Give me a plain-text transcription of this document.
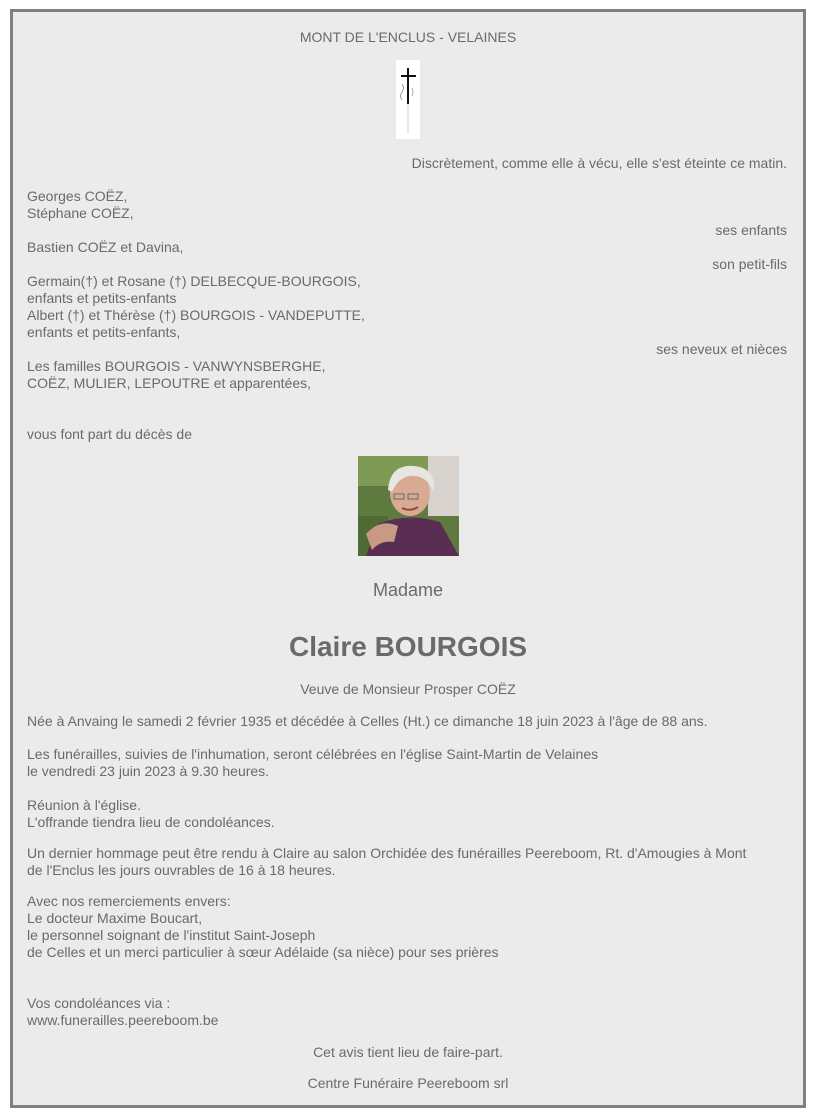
MONT DE L'ENCLUS - VELAINES
Discrètement, comme elle à vécu, elle s'est éteinte ce matin.
Georges COËZ,
Stéphane COËZ,
ses enfants
Bastien COËZ et Davina,
son petit-fils
Germain(†) et Rosane (†) DELBECQUE-BOURGOIS,
enfants et petits-enfants
Albert (†) et Thérèse (†) BOURGOIS - VANDEPUTTE,
enfants et petits-enfants,
ses neveux et nièces
Les familles BOURGOIS - VANWYNSBERGHE,
COËZ, MULIER, LEPOUTRE et apparentées,
vous font part du décès de
Madame
Claire BOURGOIS
Veuve de Monsieur Prosper COËZ
Née à Anvaing le samedi 2 février 1935 et décédée à Celles (Ht.) ce dimanche 18 juin 2023 à l'âge de 88 ans.
Les funérailles, suivies de l'inhumation, seront célébrées en l'église Saint-Martin de Velaines
le vendredi 23 juin 2023 à 9.30 heures.
Réunion à l'église.
L'offrande tiendra lieu de condoléances.
Un dernier hommage peut être rendu à Claire au salon Orchidée des funérailles Peereboom, Rt. d'Amougies à Mont
de l'Enclus les jours ouvrables de 16 à 18 heures.
Avec nos remerciements envers:
Le docteur Maxime Boucart,
le personnel soignant de l'institut Saint-Joseph
de Celles et un merci particulier à sœur Adélaide (sa nièce) pour ses prières
Vos condoléances via :
www.funerailles.peereboom.be
Cet avis tient lieu de faire-part.
Centre Funéraire Peereboom srl
